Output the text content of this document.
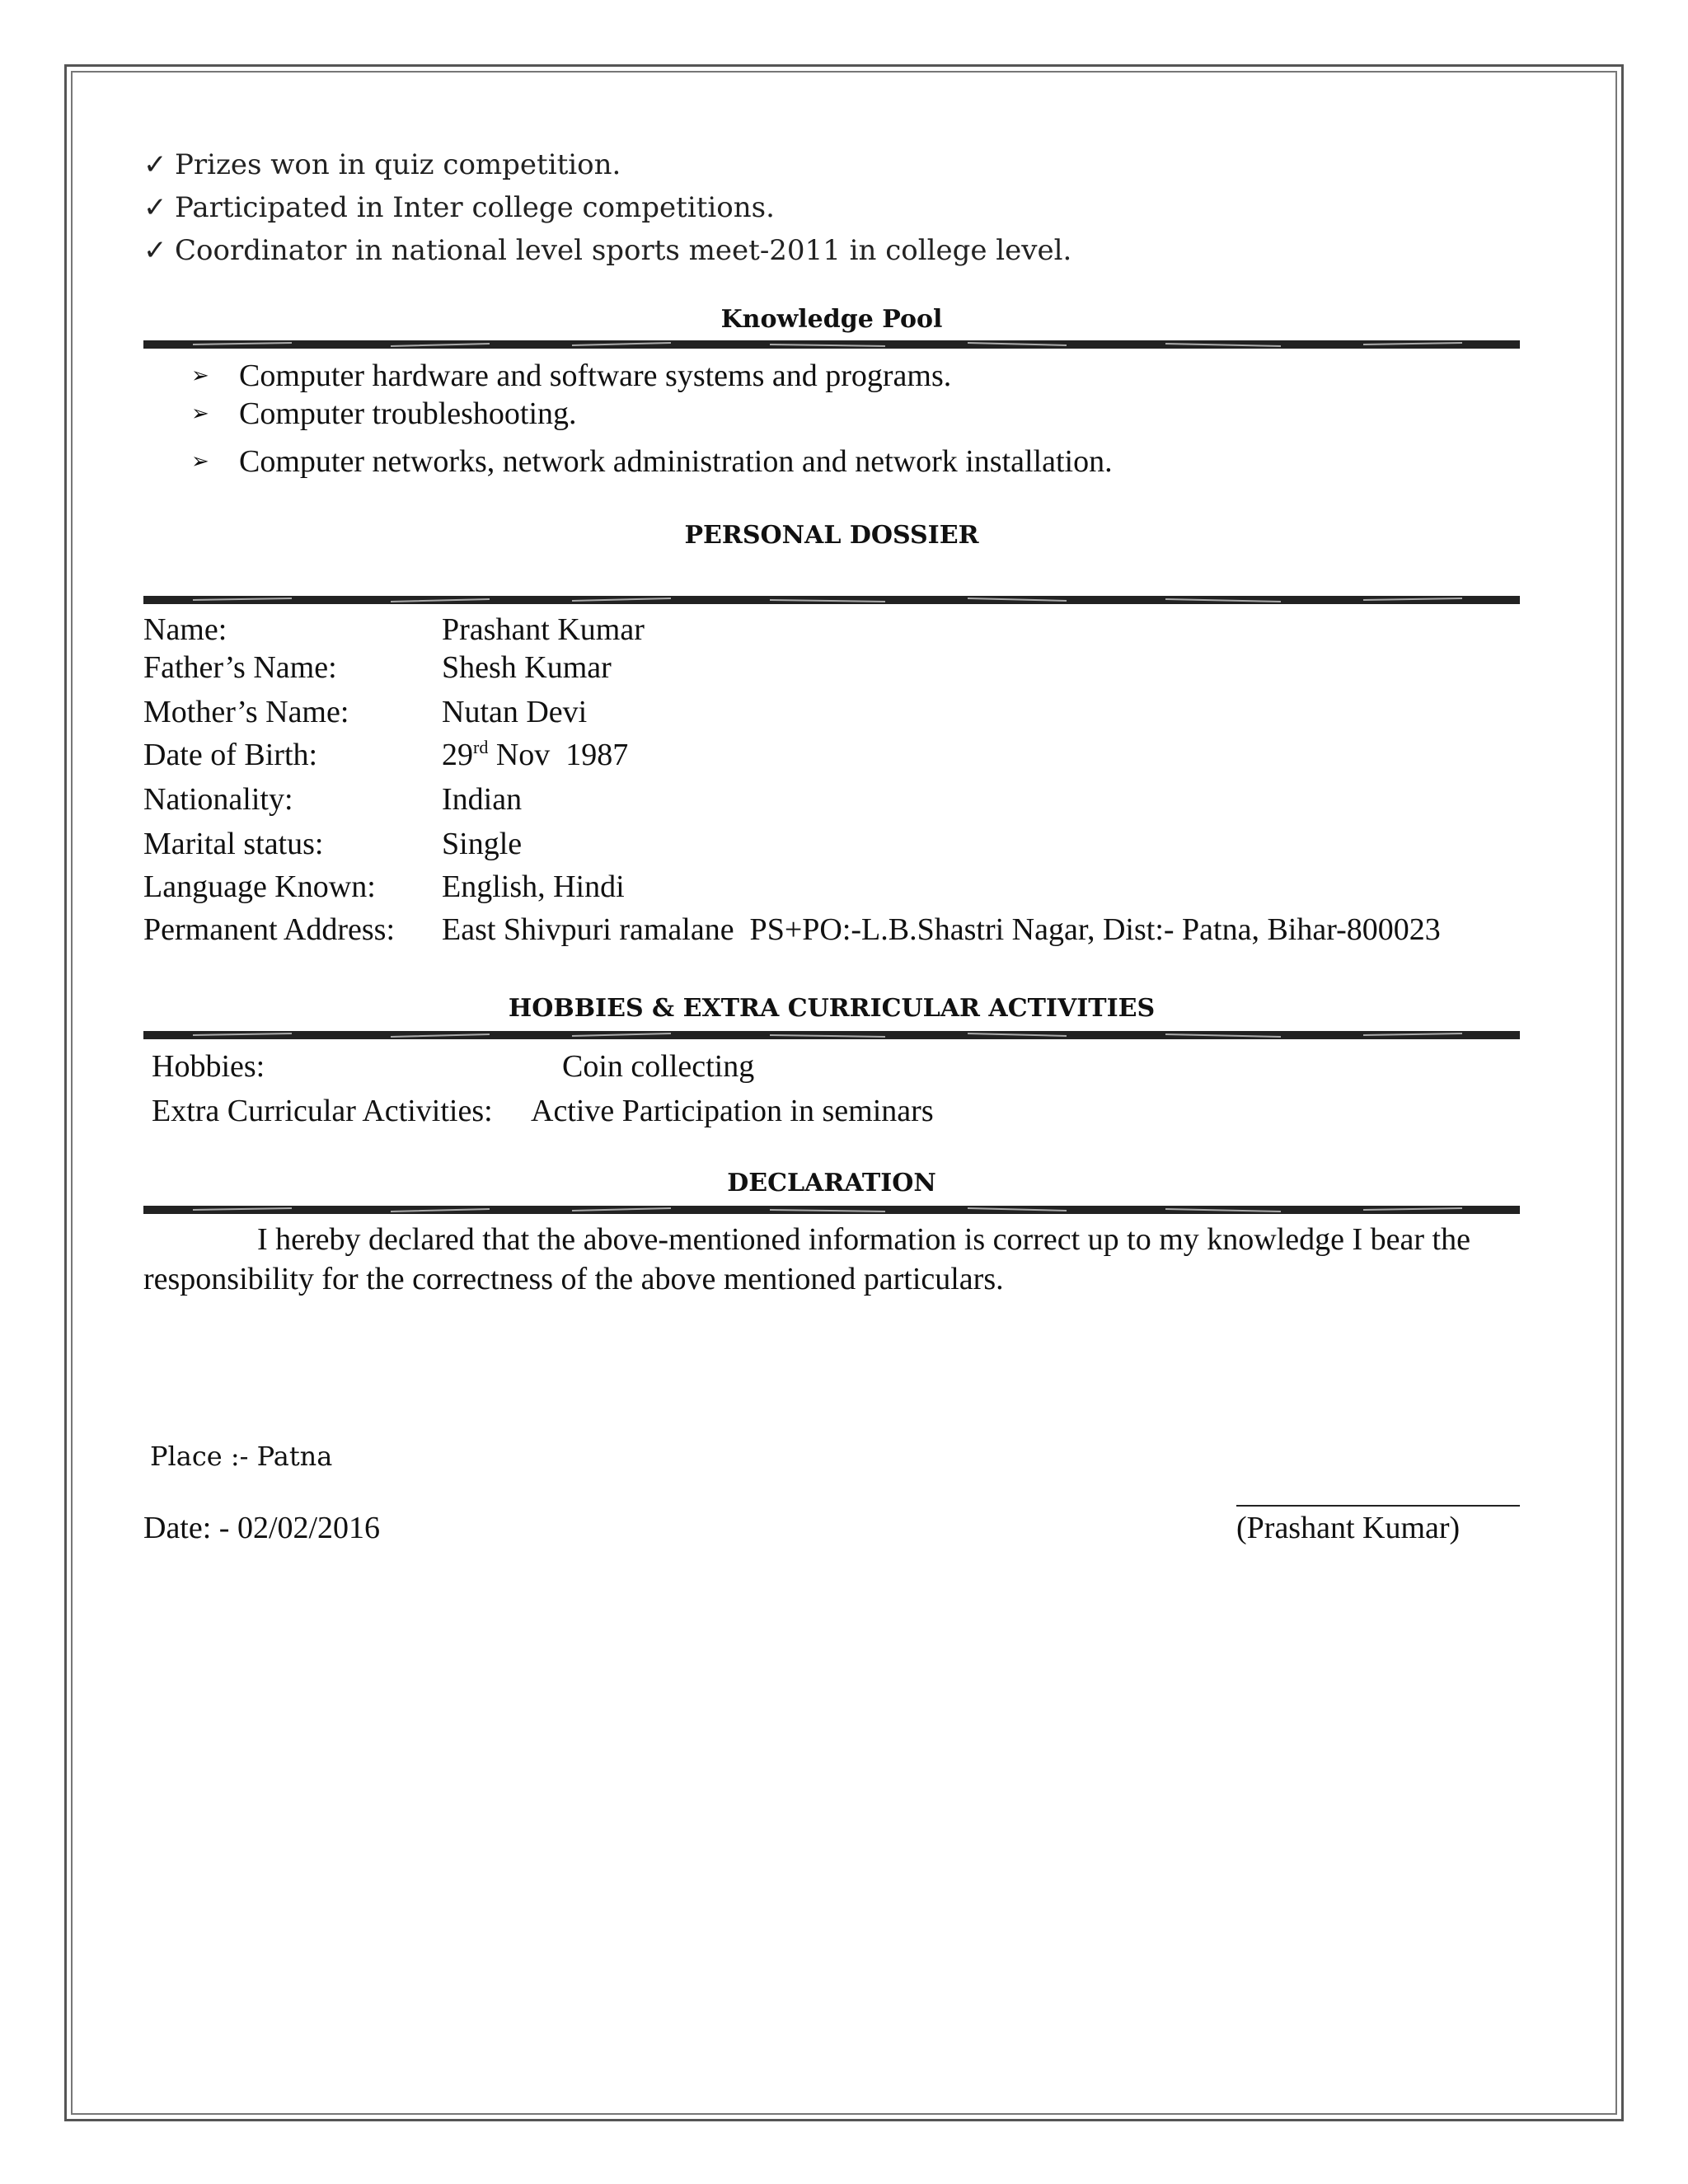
✓ Prizes won in quiz competition.
✓ Participated in Inter college competitions.
✓ Coordinator in national level sports meet-2011 in college level.
Knowledge Pool
➢ Computer hardware and software systems and programs.
➢ Computer troubleshooting.
➢ Computer networks, network administration and network installation.
PERSONAL DOSSIER
Name:	Prashant Kumar
Father’s Name:	Shesh Kumar
Mother’s Name:	Nutan Devi
Date of Birth:	29rd Nov  1987
Nationality:	Indian
Marital status:	Single
Language Known: English, Hindi
Permanent Address: East Shivpuri ramalane  PS+PO:-L.B.Shastri Nagar, Dist:- Patna, Bihar-800023
HOBBIES & EXTRA CURRICULAR ACTIVITIES
Hobbies:	Coin collecting
Extra Curricular Activities: Active Participation in seminars
DECLARATION
I hereby declared that the above-mentioned information is correct up to my knowledge I bear the responsibility for the correctness of the above mentioned particulars.
Place :- Patna
Date: - 02/02/2016	(Prashant Kumar)
